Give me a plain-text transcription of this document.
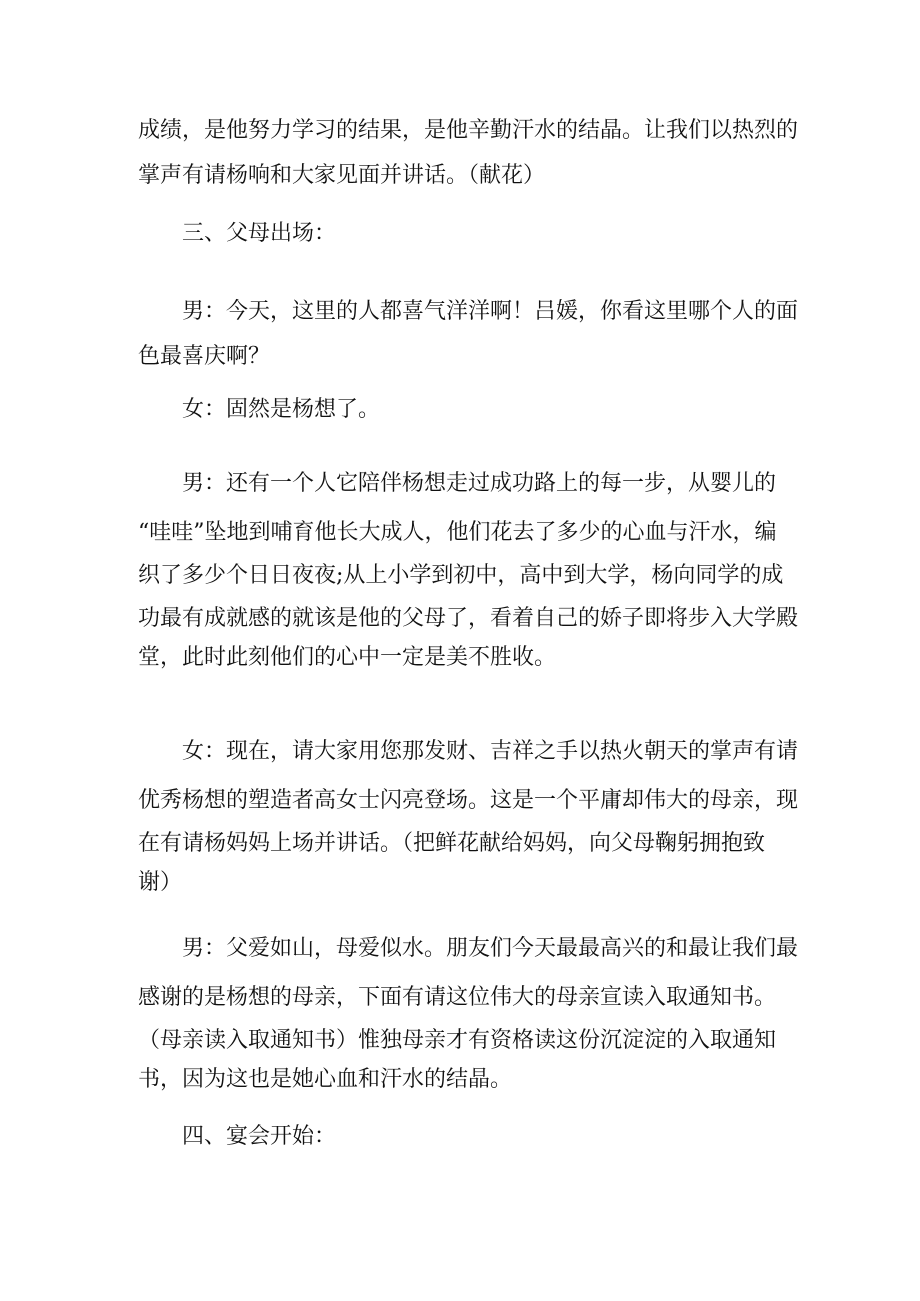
成绩，是他努力学习的结果，是他辛勤汗水的结晶。让我们以热烈的
掌声有请杨响和大家见面并讲话。（献花）
三、父母出场：
男：今天，这里的人都喜气洋洋啊！吕媛，你看这里哪个人的面
色最喜庆啊？
女：固然是杨想了。
男：还有一个人它陪伴杨想走过成功路上的每一步，从婴儿的
“哇哇”坠地到哺育他长大成人，他们花去了多少的心血与汗水，编
织了多少个日日夜夜;从上小学到初中，高中到大学，杨向同学的成
功最有成就感的就该是他的父母了，看着自己的娇子即将步入大学殿
堂，此时此刻他们的心中一定是美不胜收。
女：现在，请大家用您那发财、吉祥之手以热火朝天的掌声有请
优秀杨想的塑造者高女士闪亮登场。这是一个平庸却伟大的母亲，现
在有请杨妈妈上场并讲话。（把鲜花献给妈妈，向父母鞠躬拥抱致
谢）
男：父爱如山，母爱似水。朋友们今天最最高兴的和最让我们最
感谢的是杨想的母亲，下面有请这位伟大的母亲宣读入取通知书。
（母亲读入取通知书）惟独母亲才有资格读这份沉淀淀的入取通知
书，因为这也是她心血和汗水的结晶。
四、宴会开始：
